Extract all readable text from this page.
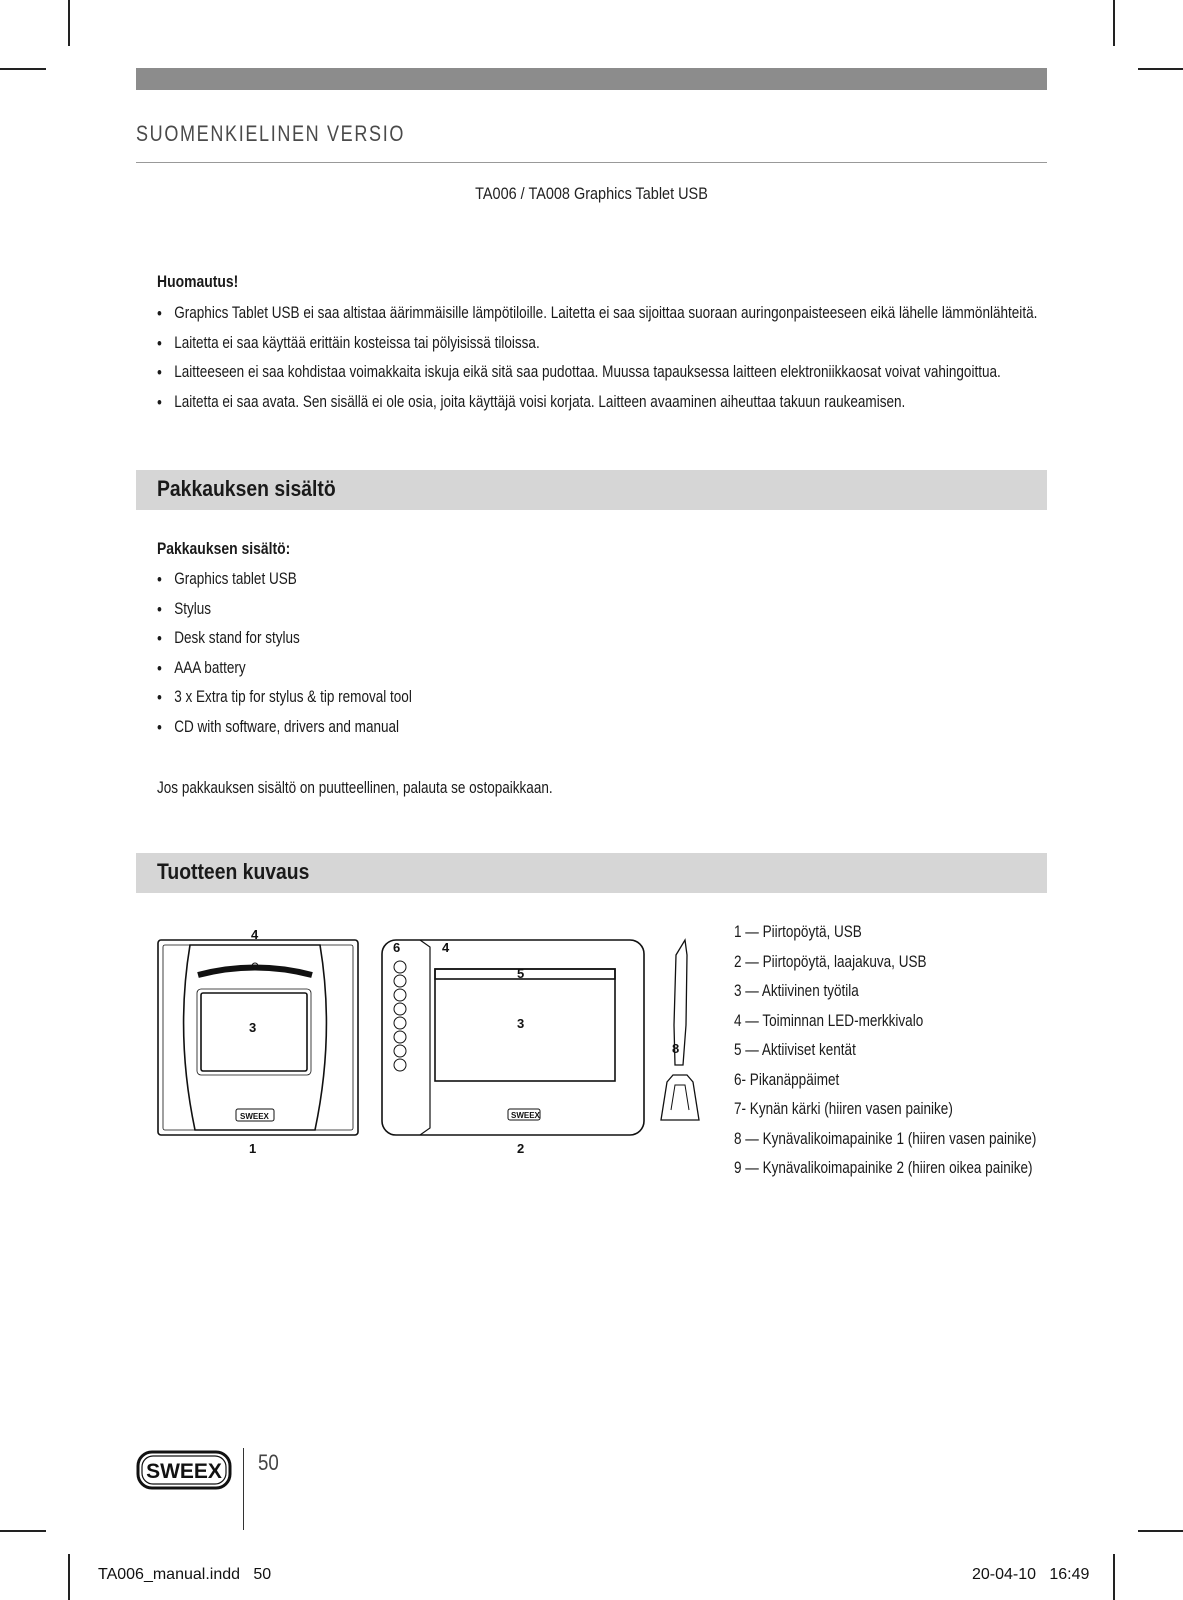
SUOMENKIELINEN VERSIO
TA006 / TA008 Graphics Tablet USB
Huomautus!
• Graphics Tablet USB ei saa altistaa äärimmäisille lämpötiloille. Laitetta ei saa sijoittaa suoraan auringonpaisteeseen eikä lähelle lämmönlähteitä.
• Laitetta ei saa käyttää erittäin kosteissa tai pölyisissä tiloissa.
• Laitteeseen ei saa kohdistaa voimakkaita iskuja eikä sitä saa pudottaa. Muussa tapauksessa laitteen elektroniikkaosat voivat vahingoittua.
• Laitetta ei saa avata. Sen sisällä ei ole osia, joita käyttäjä voisi korjata. Laitteen avaaminen aiheuttaa takuun raukeamisen.
Pakkauksen sisältö
Pakkauksen sisältö:
• Graphics tablet USB
• Stylus
• Desk stand for stylus
• AAA battery
• 3 x Extra tip for stylus & tip removal tool
• CD with software, drivers and manual
Jos pakkauksen sisältö on puutteellinen, palauta se ostopaikkaan.
Tuotteen kuvaus
4
3
1
6	4
5
3
2
8
SWEEX	SWEEX
1 — Piirtopöytä, USB
2 — Piirtopöytä, laajakuva, USB
3 — Aktiivinen työtila
4 — Toiminnan LED-merkkivalo
5 — Aktiiviset kentät
6- Pikanäppäimet
7- Kynän kärki (hiiren vasen painike)
8 — Kynävalikoimapainike 1 (hiiren vasen painike)
9 — Kynävalikoimapainike 2 (hiiren oikea painike)
SWEEX 50
TA006_manual.indd   50	20-04-10   16:49
